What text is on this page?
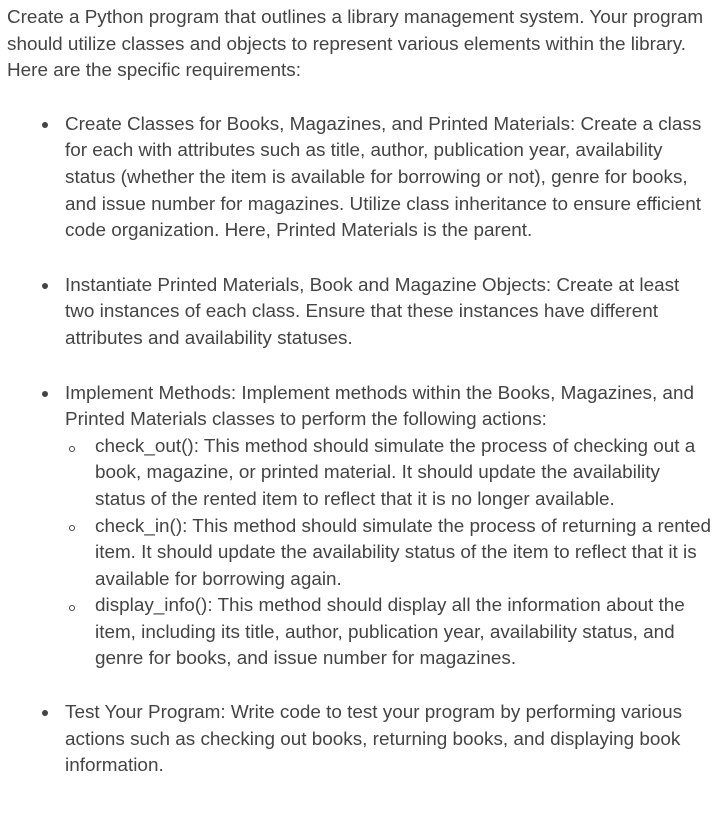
Create a Python program that outlines a library management system. Your program should utilize classes and objects to represent various elements within the library. Here are the specific requirements:

Create Classes for Books, Magazines, and Printed Materials: Create a class for each with attributes such as title, author, publication year, availability status (whether the item is available for borrowing or not), genre for books, and issue number for magazines. Utilize class inheritance to ensure efficient code organization. Here, Printed Materials is the parent.
Instantiate Printed Materials, Book and Magazine Objects: Create at least two instances of each class. Ensure that these instances have different attributes and availability statuses.
Implement Methods: Implement methods within the Books, Magazines, and Printed Materials classes to perform the following actions:
check_out(): This method should simulate the process of checking out a book, magazine, or printed material. It should update the availability status of the rented item to reflect that it is no longer available.
check_in(): This method should simulate the process of returning a rented item. It should update the availability status of the item to reflect that it is available for borrowing again.
display_info(): This method should display all the information about the item, including its title, author, publication year, availability status, and genre for books, and issue number for magazines.
Test Your Program: Write code to test your program by performing various actions such as checking out books, returning books, and displaying book information.
